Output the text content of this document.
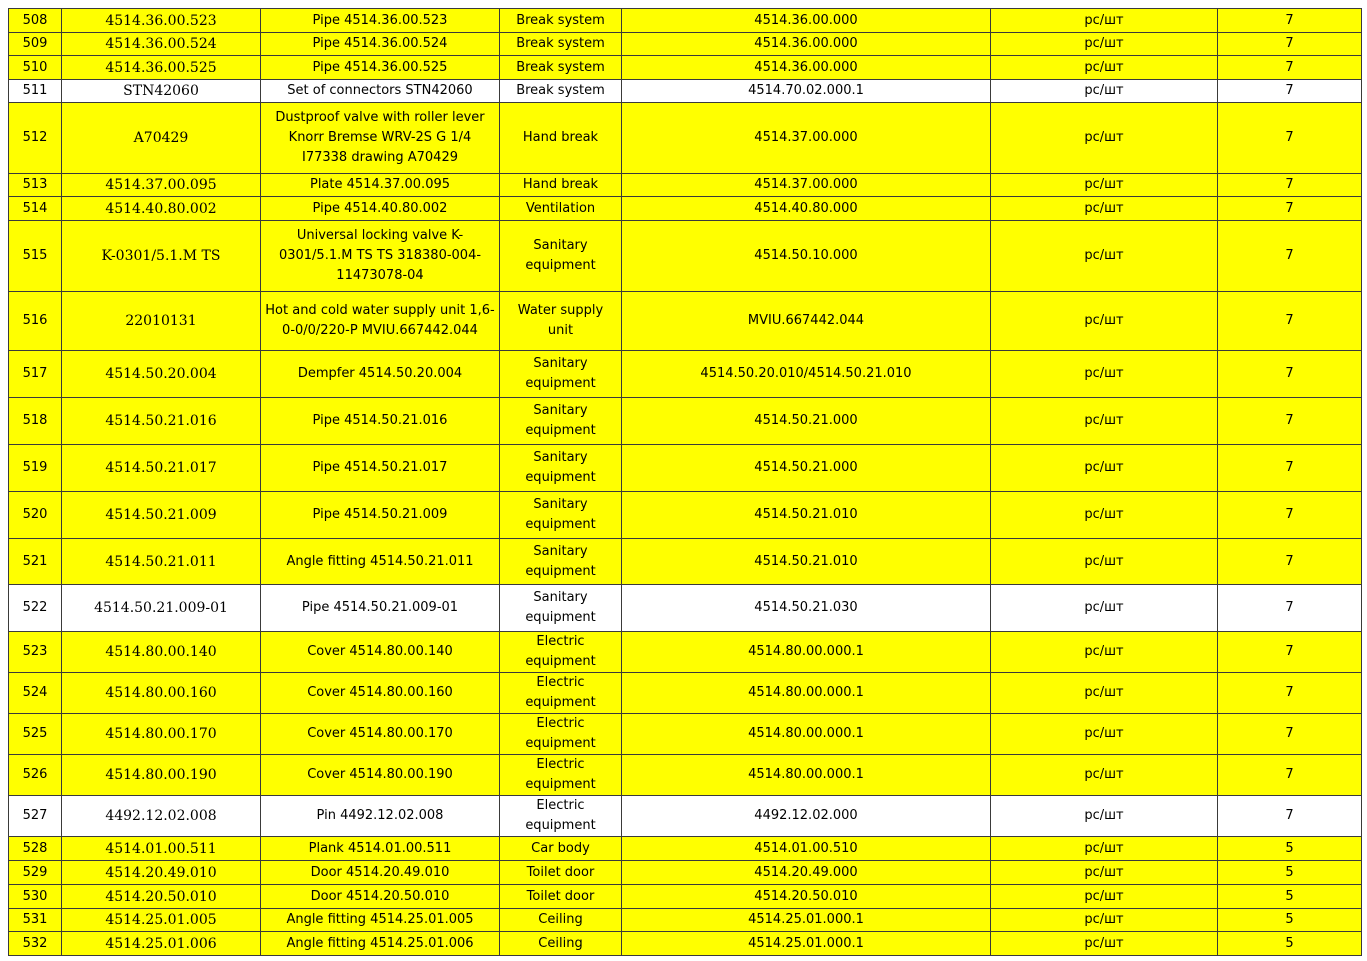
508	4514.36.00.523	Pipe 4514.36.00.523	Break system	4514.36.00.000	pc/шт	7
509	4514.36.00.524	Pipe 4514.36.00.524	Break system	4514.36.00.000	pc/шт	7
510	4514.36.00.525	Pipe 4514.36.00.525	Break system	4514.36.00.000	pc/шт	7
511	STN42060	Set of connectors STN42060	Break system	4514.70.02.000.1	pc/шт	7
512	A70429	Dustproof valve with roller lever Knorr Bremse WRV-2S G 1/4 I77338 drawing A70429	Hand break	4514.37.00.000	pc/шт	7
513	4514.37.00.095	Plate 4514.37.00.095	Hand break	4514.37.00.000	pc/шт	7
514	4514.40.80.002	Pipe 4514.40.80.002	Ventilation	4514.40.80.000	pc/шт	7
515	K-0301/5.1.M TS	Universal locking valve K-0301/5.1.M TS TS 318380-004-11473078-04	Sanitary equipment	4514.50.10.000	pc/шт	7
516	22010131	Hot and cold water supply unit 1,6-0-0/0/220-P MVIU.667442.044	Water supply unit	MVIU.667442.044	pc/шт	7
517	4514.50.20.004	Dempfer 4514.50.20.004	Sanitary equipment	4514.50.20.010/4514.50.21.010	pc/шт	7
518	4514.50.21.016	Pipe 4514.50.21.016	Sanitary equipment	4514.50.21.000	pc/шт	7
519	4514.50.21.017	Pipe 4514.50.21.017	Sanitary equipment	4514.50.21.000	pc/шт	7
520	4514.50.21.009	Pipe 4514.50.21.009	Sanitary equipment	4514.50.21.010	pc/шт	7
521	4514.50.21.011	Angle fitting 4514.50.21.011	Sanitary equipment	4514.50.21.010	pc/шт	7
522	4514.50.21.009-01	Pipe 4514.50.21.009-01	Sanitary equipment	4514.50.21.030	pc/шт	7
523	4514.80.00.140	Cover 4514.80.00.140	Electric equipment	4514.80.00.000.1	pc/шт	7
524	4514.80.00.160	Cover 4514.80.00.160	Electric equipment	4514.80.00.000.1	pc/шт	7
525	4514.80.00.170	Cover 4514.80.00.170	Electric equipment	4514.80.00.000.1	pc/шт	7
526	4514.80.00.190	Cover 4514.80.00.190	Electric equipment	4514.80.00.000.1	pc/шт	7
527	4492.12.02.008	Pin 4492.12.02.008	Electric equipment	4492.12.02.000	pc/шт	7
528	4514.01.00.511	Plank 4514.01.00.511	Car body	4514.01.00.510	pc/шт	5
529	4514.20.49.010	Door 4514.20.49.010	Toilet door	4514.20.49.000	pc/шт	5
530	4514.20.50.010	Door 4514.20.50.010	Toilet door	4514.20.50.010	pc/шт	5
531	4514.25.01.005	Angle fitting 4514.25.01.005	Ceiling	4514.25.01.000.1	pc/шт	5
532	4514.25.01.006	Angle fitting 4514.25.01.006	Ceiling	4514.25.01.000.1	pc/шт	5
